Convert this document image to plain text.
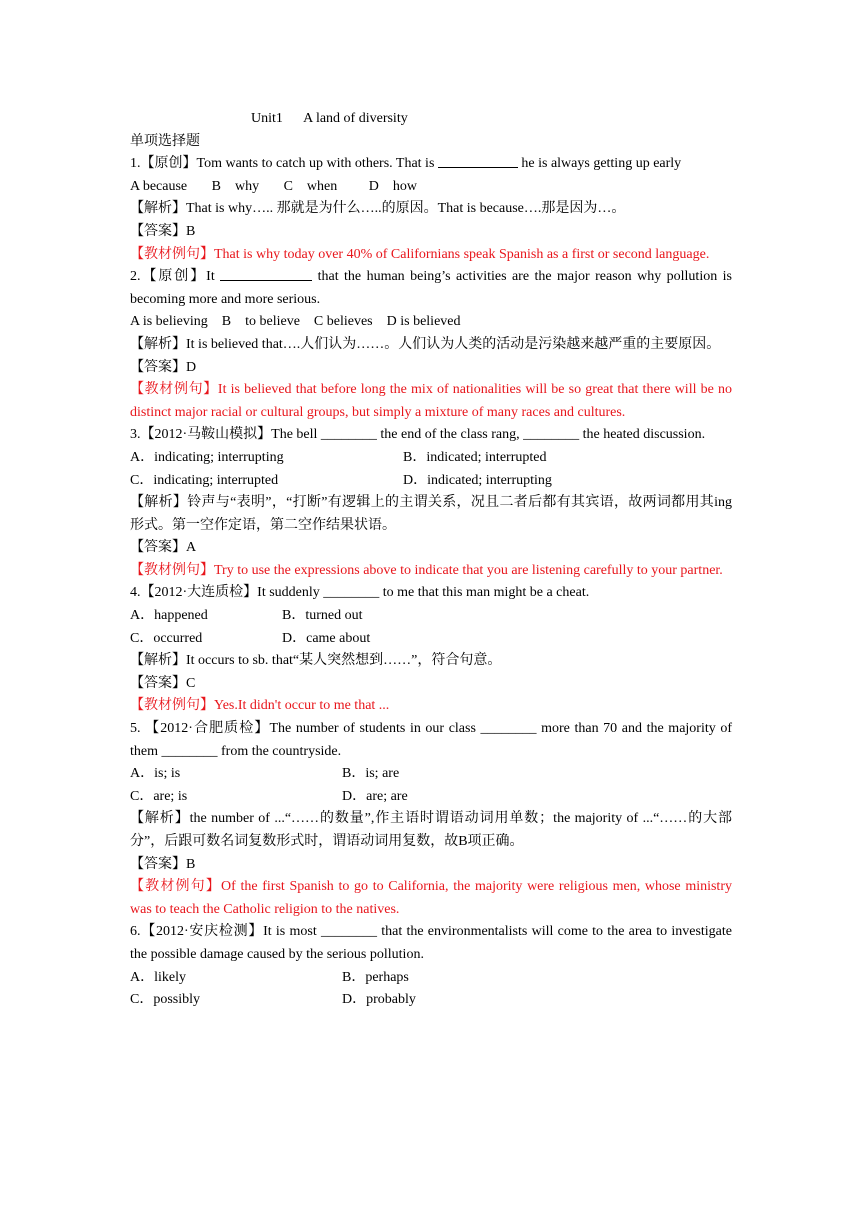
Unit1      A land of diversity
单项选择题
1.【原创】Tom wants to catch up with others. That is	he is always getting up early
A because       B    why       C    when         D    how
【解析】That is why….. 那就是为什么…..的原因。That is because….那是因为…。
【答案】B
【教材例句】That is why today over 40% of Californians speak Spanish as a first or second language.
2.【原创】It	that the human being’s activities are the major reason why pollution is becoming more and more serious.
A is believing    B    to believe    C believes    D is believed
【解析】It is believed that….人们认为……。人们认为人类的活动是污染越来越严重的主要原因。
【答案】D
【教材例句】It is believed that before long the mix of nationalities will be so great that there will be no distinct major racial or cultural groups, but simply a mixture of many races and cultures.
3.【2012·马鞍山模拟】The bell ________ the end of the class rang, ________ the heated discussion.
A．indicating; interrupting	B．indicated; interrupted
C．indicating; interrupted	D．indicated; interrupting
【解析】铃声与“表明”，“打断”有逻辑上的主谓关系，况且二者后都有其宾语，故两词都用其ing形式。第一空作定语，第二空作结果状语。
【答案】A
【教材例句】Try to use the expressions above to indicate that you are listening carefully to your partner.
4.【2012·大连质检】It suddenly ________ to me that this man might be a cheat.
A．happened	B．turned out
C．occurred	D．came about
【解析】It occurs to sb. that“某人突然想到……”，符合句意。
【答案】C
【教材例句】Yes.It didn't occur to me that ...
5. 【2012·合肥质检】The number of students in our class ________ more than 70 and the majority of them ________ from the countryside.
A．is; is	B．is; are
C．are; is	D．are; are
【解析】the number of ...“……的数量”,作主语时谓语动词用单数；the majority of ...“……的大部分”，后跟可数名词复数形式时，谓语动词用复数，故B项正确。
【答案】B
【教材例句】Of the first Spanish to go to California, the majority were religious men, whose ministry was to teach the Catholic religion to the natives.
6.【2012·安庆检测】It is most ________ that the environmentalists will come to the area to investigate the possible damage caused by the serious pollution.
A．likely	B．perhaps
C．possibly	D．probably
